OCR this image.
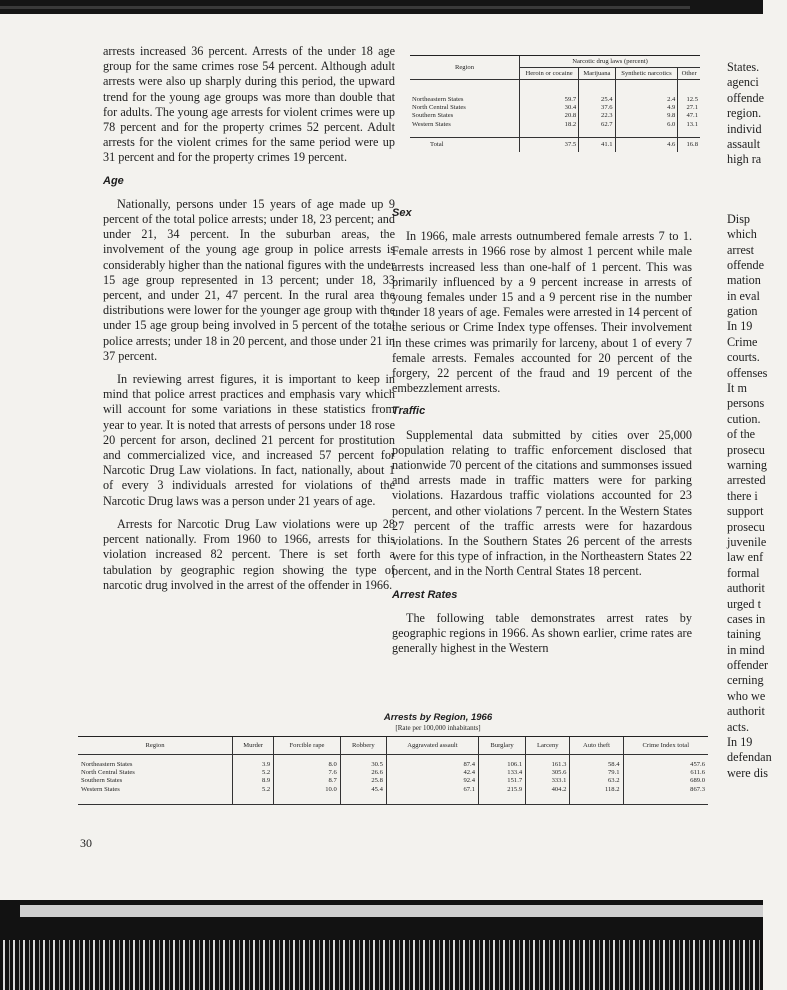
arrests increased 36 percent. Arrests of the under 18 age group for the same crimes rose 54 percent. Although adult arrests were also up sharply during this period, the upward trend for the young age groups was more than double that for adults. The young age arrests for violent crimes were up 78 percent and for the property crimes 52 percent. Adult arrests for the violent crimes for the same period were up 31 percent and for the property crimes 19 percent.

Age

Nationally, persons under 15 years of age made up 9 percent of the total police arrests; under 18, 23 percent; and under 21, 34 percent. In the suburban areas, the involvement of the young age group in police arrests is considerably higher than the national figures with the under 15 age group represented in 13 percent; under 18, 33 percent, and under 21, 47 percent. In the rural area the distributions were lower for the younger age group with the under 15 age group being involved in 5 percent of the total police arrests; under 18 in 20 percent, and those under 21 in 37 percent.

In reviewing arrest figures, it is important to keep in mind that police arrest practices and emphasis vary which will account for some variations in these statistics from year to year. It is noted that arrests of persons under 18 rose 20 percent for arson, declined 21 percent for prostitution and commercialized vice, and increased 57 percent for Narcotic Drug Law violations. In fact, nationally, about 1 of every 3 individuals arrested for violations of the Narcotic Drug laws was a person under 21 years of age.

Arrests for Narcotic Drug Law violations were up 28 percent nationally. From 1960 to 1966, arrests for this violation increased 82 percent. There is set forth a tabulation by geographic region showing the type of narcotic drug involved in the arrest of the offender in 1966.

Region	Narcotic drug laws (percent)			
	Heroin or cocaine	Marijuana	Synthetic narcotics	Other
Northeastern States	59.7	25.4	2.4	12.5
North Central States	30.4	37.6	4.9	27.1
Southern States	20.8	22.3	9.8	47.1
Western States	18.2	62.7	6.0	13.1
Total	37.5	41.1	4.6	16.8
Sex

In 1966, male arrests outnumbered female arrests 7 to 1. Female arrests in 1966 rose by almost 1 percent while male arrests increased less than one-half of 1 percent. This was primarily influenced by a 9 percent increase in arrests of young females under 15 and a 9 percent rise in the number under 18 years of age. Females were arrested in 14 percent of the serious or Crime Index type offenses. Their involvement in these crimes was primarily for larceny, about 1 of every 7 female arrests. Females accounted for 20 percent of the forgery, 22 percent of the fraud and 19 percent of the embezzlement arrests.

Traffic

Supplemental data submitted by cities over 25,000 population relating to traffic enforcement disclosed that nationwide 70 percent of the citations and summonses issued and arrests made in traffic matters were for parking violations. Hazardous traffic violations accounted for 23 percent, and other violations 7 percent. In the Western States 27 percent of the traffic arrests were for hazardous violations. In the Southern States 26 percent of the arrests were for this type of infraction, in the Northeastern States 22 percent, and in the North Central States 18 percent.

Arrest Rates

The following table demonstrates arrest rates by geographic regions in 1966. As shown earlier, crime rates are generally highest in the Western

States.
agenci
offende
region.
individ
assault
high ra
Disp
which
arrest
offende
mation
in eval
gation
In 19
Crime
courts.
offenses
It m
persons
cution.
of the
prosecu
warning
arrested
there i
support
prosecu
juvenile
law enf
formal
authorit
urged t
cases in
taining
in mind
offender
cerning
who we
authorit
acts.
In 19
defendan
were dis
Arrests by Region, 1966
[Rate per 100,000 inhabitants]
Region	Murder	Forcible rape	Robbery	Aggravated assault	Burglary	Larceny	Auto theft	Crime Index total
Northeastern States	3.9	8.0	30.5	87.4	106.1	161.3	58.4	457.6
North Central States	5.2	7.6	26.6	42.4	133.4	305.6	79.1	611.6
Southern States	8.9	8.7	25.8	92.4	151.7	333.1	63.2	689.0
Western States	5.2	10.0	45.4	67.1	215.9	404.2	118.2	867.3
30
